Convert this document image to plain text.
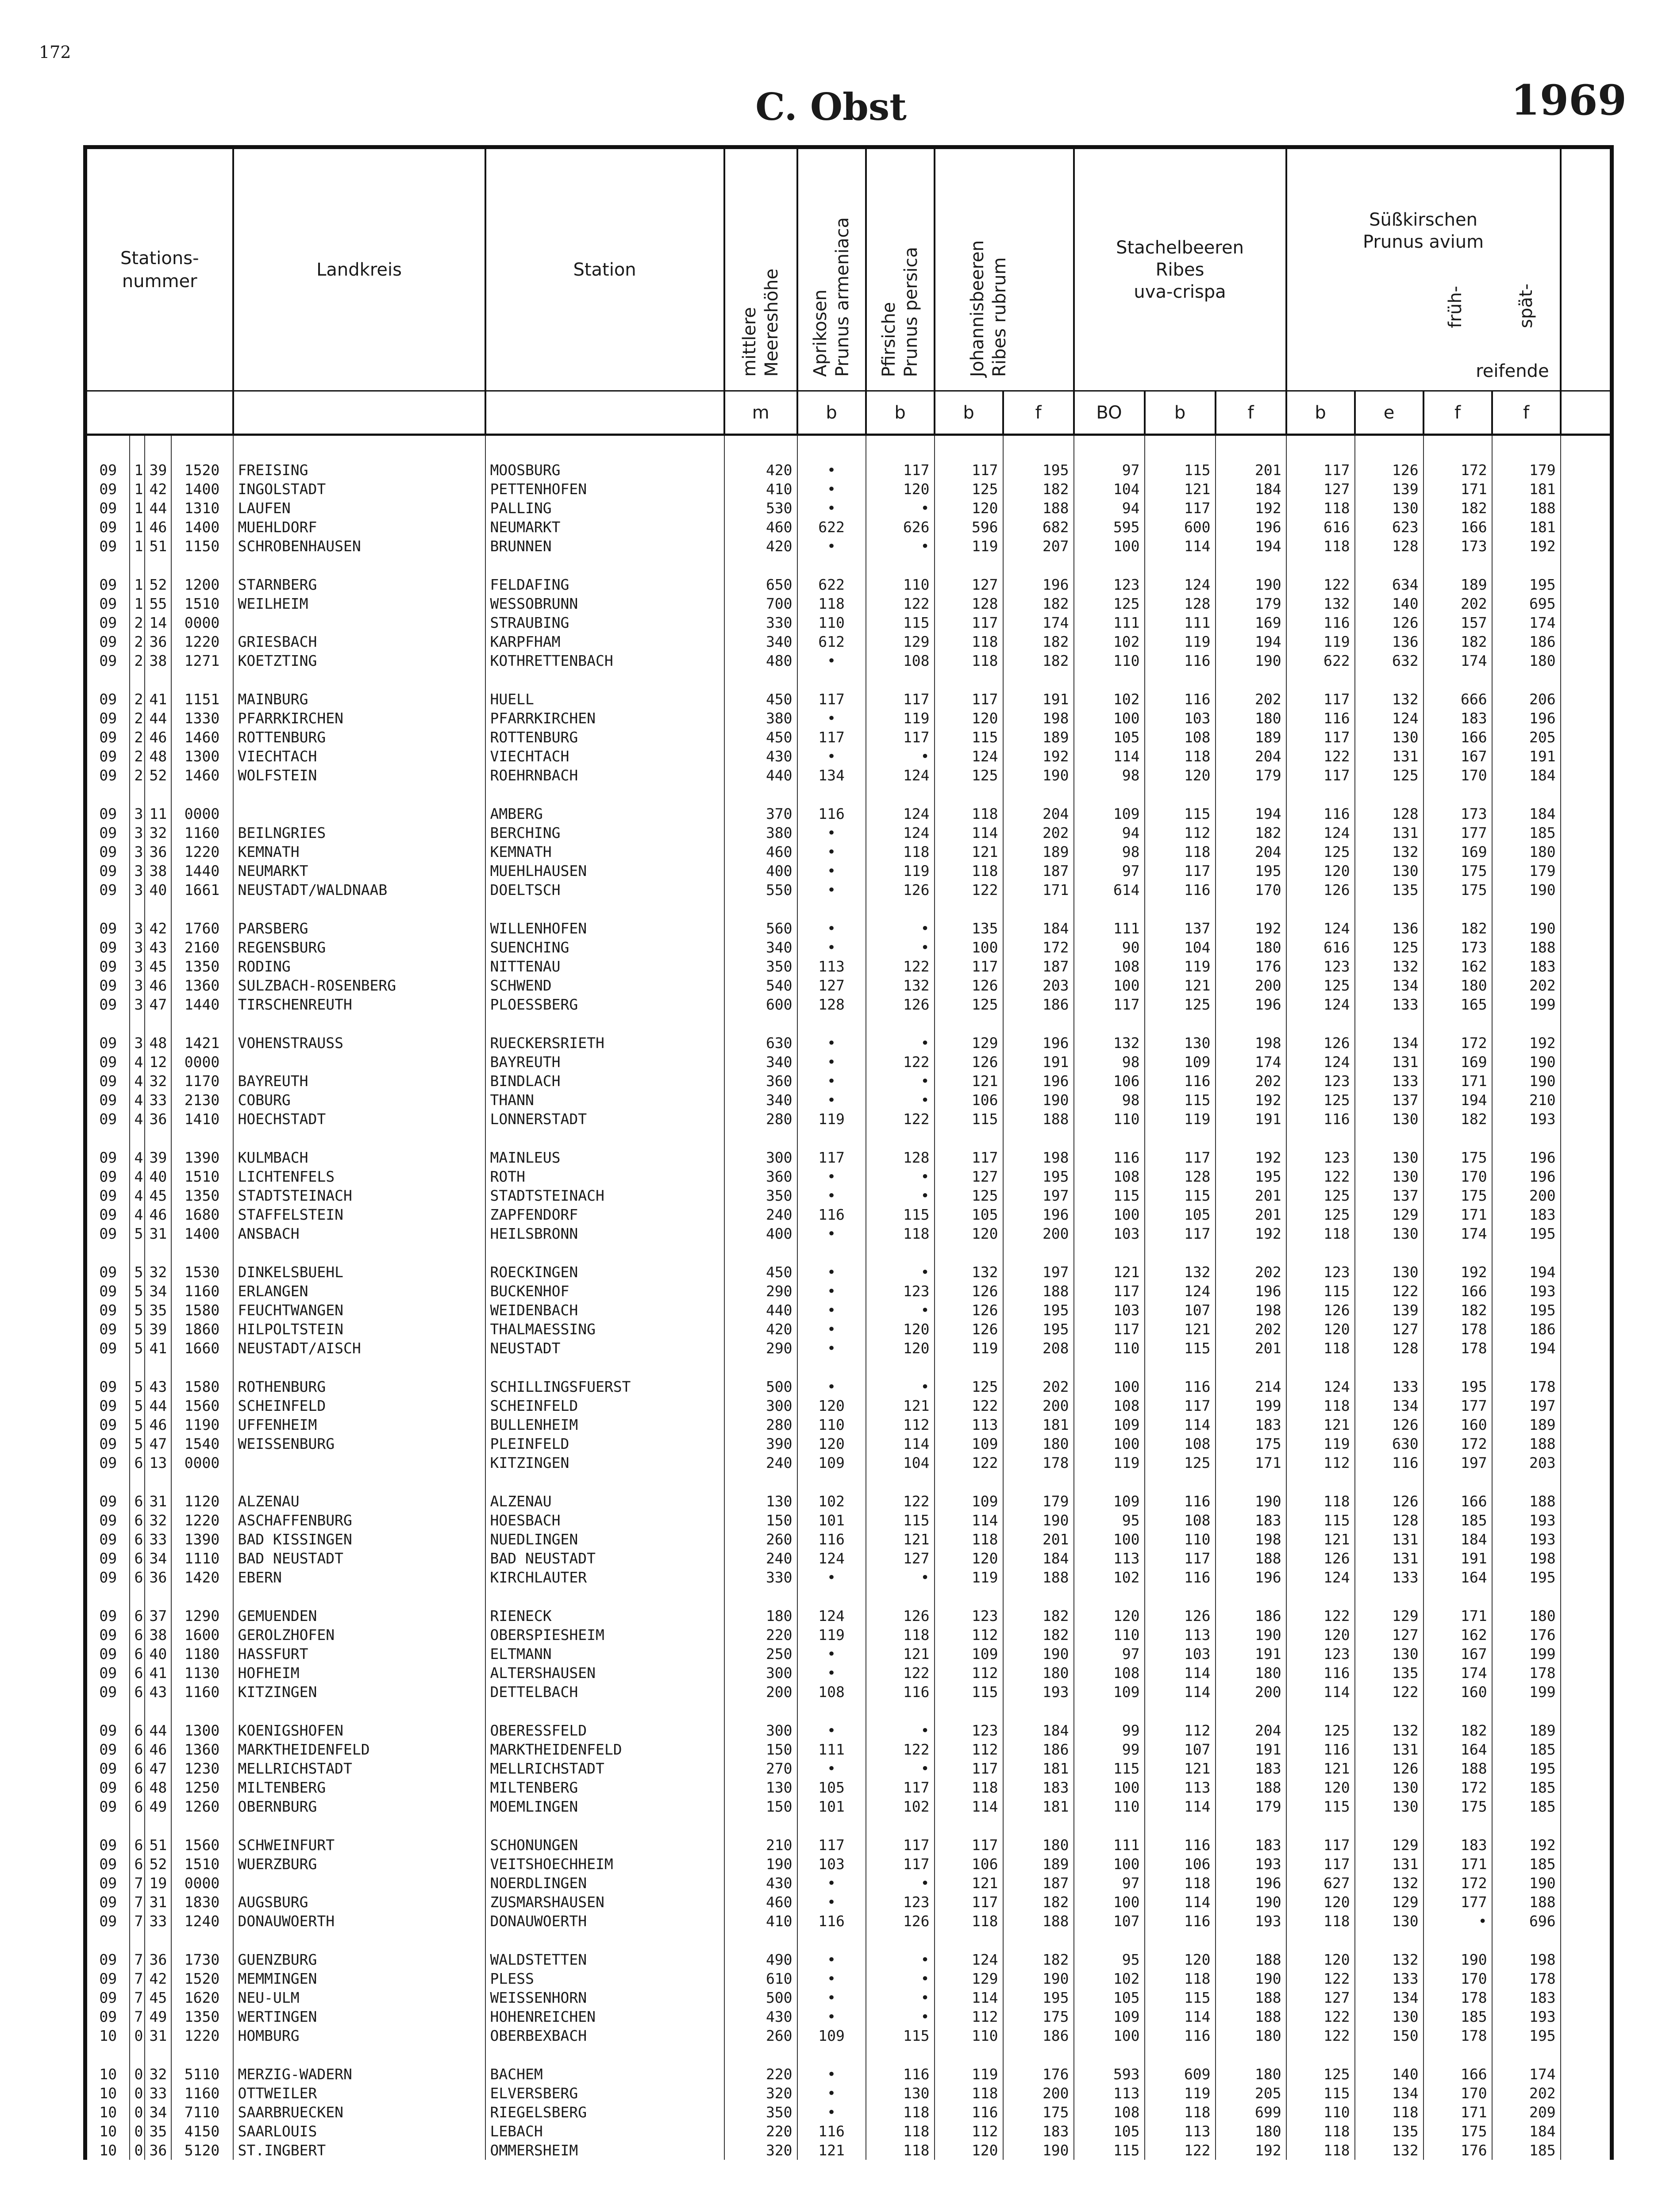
172
C. Obst	1969
Stations-
nummer				Landkreis	Station	mittlere
Meereshöhe	Aprikosen
Prunus armeniaca	Pfirsiche
Prunus persica	Johannisbeeren
Ribes rubrum		Stachelbeeren
Ribes
uva-crispa			Süßkirschen
Prunus avium
früh- spät-
reifende				

						m	b	b	b	f	BO	b	f	b	e	f	f	

09	1	39	1520	FREISING	MOOSBURG	420	•	117	117	195	97	115	201	117	126	172	179	
09	1	42	1400	INGOLSTADT	PETTENHOFEN	410	•	120	125	182	104	121	184	127	139	171	181	
09	1	44	1310	LAUFEN	PALLING	530	•	•	120	188	94	117	192	118	130	182	188	
09	1	46	1400	MUEHLDORF	NEUMARKT	460	622	626	596	682	595	600	196	616	623	166	181	
09	1	51	1150	SCHROBENHAUSEN	BRUNNEN	420	•	•	119	207	100	114	194	118	128	173	192	

09	1	52	1200	STARNBERG	FELDAFING	650	622	110	127	196	123	124	190	122	634	189	195	
09	1	55	1510	WEILHEIM	WESSOBRUNN	700	118	122	128	182	125	128	179	132	140	202	695	
09	2	14	0000		STRAUBING	330	110	115	117	174	111	111	169	116	126	157	174	
09	2	36	1220	GRIESBACH	KARPFHAM	340	612	129	118	182	102	119	194	119	136	182	186	
09	2	38	1271	KOETZTING	KOTHRETTENBACH	480	•	108	118	182	110	116	190	622	632	174	180	

09	2	41	1151	MAINBURG	HUELL	450	117	117	117	191	102	116	202	117	132	666	206	
09	2	44	1330	PFARRKIRCHEN	PFARRKIRCHEN	380	•	119	120	198	100	103	180	116	124	183	196	
09	2	46	1460	ROTTENBURG	ROTTENBURG	450	117	117	115	189	105	108	189	117	130	166	205	
09	2	48	1300	VIECHTACH	VIECHTACH	430	•	•	124	192	114	118	204	122	131	167	191	
09	2	52	1460	WOLFSTEIN	ROEHRNBACH	440	134	124	125	190	98	120	179	117	125	170	184	

09	3	11	0000		AMBERG	370	116	124	118	204	109	115	194	116	128	173	184	
09	3	32	1160	BEILNGRIES	BERCHING	380	•	124	114	202	94	112	182	124	131	177	185	
09	3	36	1220	KEMNATH	KEMNATH	460	•	118	121	189	98	118	204	125	132	169	180	
09	3	38	1440	NEUMARKT	MUEHLHAUSEN	400	•	119	118	187	97	117	195	120	130	175	179	
09	3	40	1661	NEUSTADT/WALDNAAB	DOELTSCH	550	•	126	122	171	614	116	170	126	135	175	190	

09	3	42	1760	PARSBERG	WILLENHOFEN	560	•	•	135	184	111	137	192	124	136	182	190	
09	3	43	2160	REGENSBURG	SUENCHING	340	•	•	100	172	90	104	180	616	125	173	188	
09	3	45	1350	RODING	NITTENAU	350	113	122	117	187	108	119	176	123	132	162	183	
09	3	46	1360	SULZBACH-ROSENBERG	SCHWEND	540	127	132	126	203	100	121	200	125	134	180	202	
09	3	47	1440	TIRSCHENREUTH	PLOESSBERG	600	128	126	125	186	117	125	196	124	133	165	199	

09	3	48	1421	VOHENSTRAUSS	RUECKERSRIETH	630	•	•	129	196	132	130	198	126	134	172	192	
09	4	12	0000		BAYREUTH	340	•	122	126	191	98	109	174	124	131	169	190	
09	4	32	1170	BAYREUTH	BINDLACH	360	•	•	121	196	106	116	202	123	133	171	190	
09	4	33	2130	COBURG	THANN	340	•	•	106	190	98	115	192	125	137	194	210	
09	4	36	1410	HOECHSTADT	LONNERSTADT	280	119	122	115	188	110	119	191	116	130	182	193	

09	4	39	1390	KULMBACH	MAINLEUS	300	117	128	117	198	116	117	192	123	130	175	196	
09	4	40	1510	LICHTENFELS	ROTH	360	•	•	127	195	108	128	195	122	130	170	196	
09	4	45	1350	STADTSTEINACH	STADTSTEINACH	350	•	•	125	197	115	115	201	125	137	175	200	
09	4	46	1680	STAFFELSTEIN	ZAPFENDORF	240	116	115	105	196	100	105	201	125	129	171	183	
09	5	31	1400	ANSBACH	HEILSBRONN	400	•	118	120	200	103	117	192	118	130	174	195	

09	5	32	1530	DINKELSBUEHL	ROECKINGEN	450	•	•	132	197	121	132	202	123	130	192	194	
09	5	34	1160	ERLANGEN	BUCKENHOF	290	•	123	126	188	117	124	196	115	122	166	193	
09	5	35	1580	FEUCHTWANGEN	WEIDENBACH	440	•	•	126	195	103	107	198	126	139	182	195	
09	5	39	1860	HILPOLTSTEIN	THALMAESSING	420	•	120	126	195	117	121	202	120	127	178	186	
09	5	41	1660	NEUSTADT/AISCH	NEUSTADT	290	•	120	119	208	110	115	201	118	128	178	194	

09	5	43	1580	ROTHENBURG	SCHILLINGSFUERST	500	•	•	125	202	100	116	214	124	133	195	178	
09	5	44	1560	SCHEINFELD	SCHEINFELD	300	120	121	122	200	108	117	199	118	134	177	197	
09	5	46	1190	UFFENHEIM	BULLENHEIM	280	110	112	113	181	109	114	183	121	126	160	189	
09	5	47	1540	WEISSENBURG	PLEINFELD	390	120	114	109	180	100	108	175	119	630	172	188	
09	6	13	0000		KITZINGEN	240	109	104	122	178	119	125	171	112	116	197	203	

09	6	31	1120	ALZENAU	ALZENAU	130	102	122	109	179	109	116	190	118	126	166	188	
09	6	32	1220	ASCHAFFENBURG	HOESBACH	150	101	115	114	190	95	108	183	115	128	185	193	
09	6	33	1390	BAD KISSINGEN	NUEDLINGEN	260	116	121	118	201	100	110	198	121	131	184	193	
09	6	34	1110	BAD NEUSTADT	BAD NEUSTADT	240	124	127	120	184	113	117	188	126	131	191	198	
09	6	36	1420	EBERN	KIRCHLAUTER	330	•	•	119	188	102	116	196	124	133	164	195	

09	6	37	1290	GEMUENDEN	RIENECK	180	124	126	123	182	120	126	186	122	129	171	180	
09	6	38	1600	GEROLZHOFEN	OBERSPIESHEIM	220	119	118	112	182	110	113	190	120	127	162	176	
09	6	40	1180	HASSFURT	ELTMANN	250	•	121	109	190	97	103	191	123	130	167	199	
09	6	41	1130	HOFHEIM	ALTERSHAUSEN	300	•	122	112	180	108	114	180	116	135	174	178	
09	6	43	1160	KITZINGEN	DETTELBACH	200	108	116	115	193	109	114	200	114	122	160	199	

09	6	44	1300	KOENIGSHOFEN	OBERESSFELD	300	•	•	123	184	99	112	204	125	132	182	189	
09	6	46	1360	MARKTHEIDENFELD	MARKTHEIDENFELD	150	111	122	112	186	99	107	191	116	131	164	185	
09	6	47	1230	MELLRICHSTADT	MELLRICHSTADT	270	•	•	117	181	115	121	183	121	126	188	195	
09	6	48	1250	MILTENBERG	MILTENBERG	130	105	117	118	183	100	113	188	120	130	172	185	
09	6	49	1260	OBERNBURG	MOEMLINGEN	150	101	102	114	181	110	114	179	115	130	175	185	

09	6	51	1560	SCHWEINFURT	SCHONUNGEN	210	117	117	117	180	111	116	183	117	129	183	192	
09	6	52	1510	WUERZBURG	VEITSHOECHHEIM	190	103	117	106	189	100	106	193	117	131	171	185	
09	7	19	0000		NOERDLINGEN	430	•	•	121	187	97	118	196	627	132	172	190	
09	7	31	1830	AUGSBURG	ZUSMARSHAUSEN	460	•	123	117	182	100	114	190	120	129	177	188	
09	7	33	1240	DONAUWOERTH	DONAUWOERTH	410	116	126	118	188	107	116	193	118	130	•	696	

09	7	36	1730	GUENZBURG	WALDSTETTEN	490	•	•	124	182	95	120	188	120	132	190	198	
09	7	42	1520	MEMMINGEN	PLESS	610	•	•	129	190	102	118	190	122	133	170	178	
09	7	45	1620	NEU-ULM	WEISSENHORN	500	•	•	114	195	105	115	188	127	134	178	183	
09	7	49	1350	WERTINGEN	HOHENREICHEN	430	•	•	112	175	109	114	188	122	130	185	193	
10	0	31	1220	HOMBURG	OBERBEXBACH	260	109	115	110	186	100	116	180	122	150	178	195	

10	0	32	5110	MERZIG-WADERN	BACHEM	220	•	116	119	176	593	609	180	125	140	166	174	
10	0	33	1160	OTTWEILER	ELVERSBERG	320	•	130	118	200	113	119	205	115	134	170	202	
10	0	34	7110	SAARBRUECKEN	RIEGELSBERG	350	•	118	116	175	108	118	699	110	118	171	209	
10	0	35	4150	SAARLOUIS	LEBACH	220	116	118	112	183	105	113	180	118	135	175	184	
10	0	36	5120	ST.INGBERT	OMMERSHEIM	320	121	118	120	190	115	122	192	118	132	176	185	
